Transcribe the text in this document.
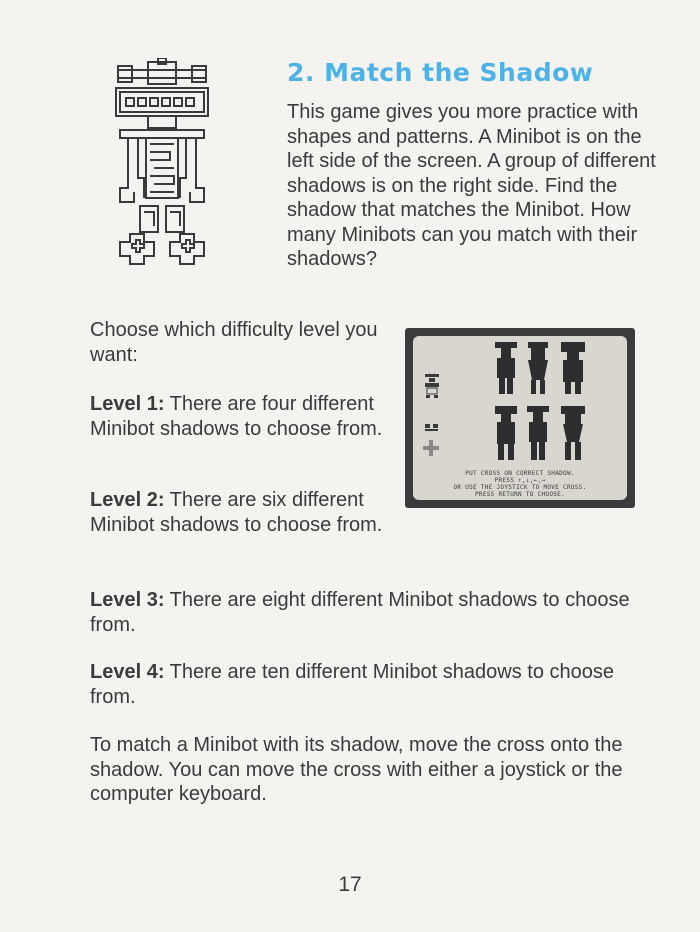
2. Match the Shadow

This game gives you more practice with shapes and patterns. A Minibot is on the left side of the screen. A group of different shadows is on the right side. Find the shadow that matches the Minibot. How many Minibots can you match with their shadows?

Choose which difficulty level you want:

Level 1: There are four different Minibot shadows to choose from.

Level 2: There are six different Minibot shadows to choose from.

Level 3: There are eight different Minibot shadows to choose from.

Level 4: There are ten different Minibot shadows to choose from.

To match a Minibot with its shadow, move the cross onto the shadow. You can move the cross with either a joystick or the computer keyboard.

PUT CROSS ON CORRECT SHADOW.
PRESS ↑,↓,←,→
OR USE THE JOYSTICK TO MOVE CROSS.
PRESS RETURN TO CHOOSE.
17
